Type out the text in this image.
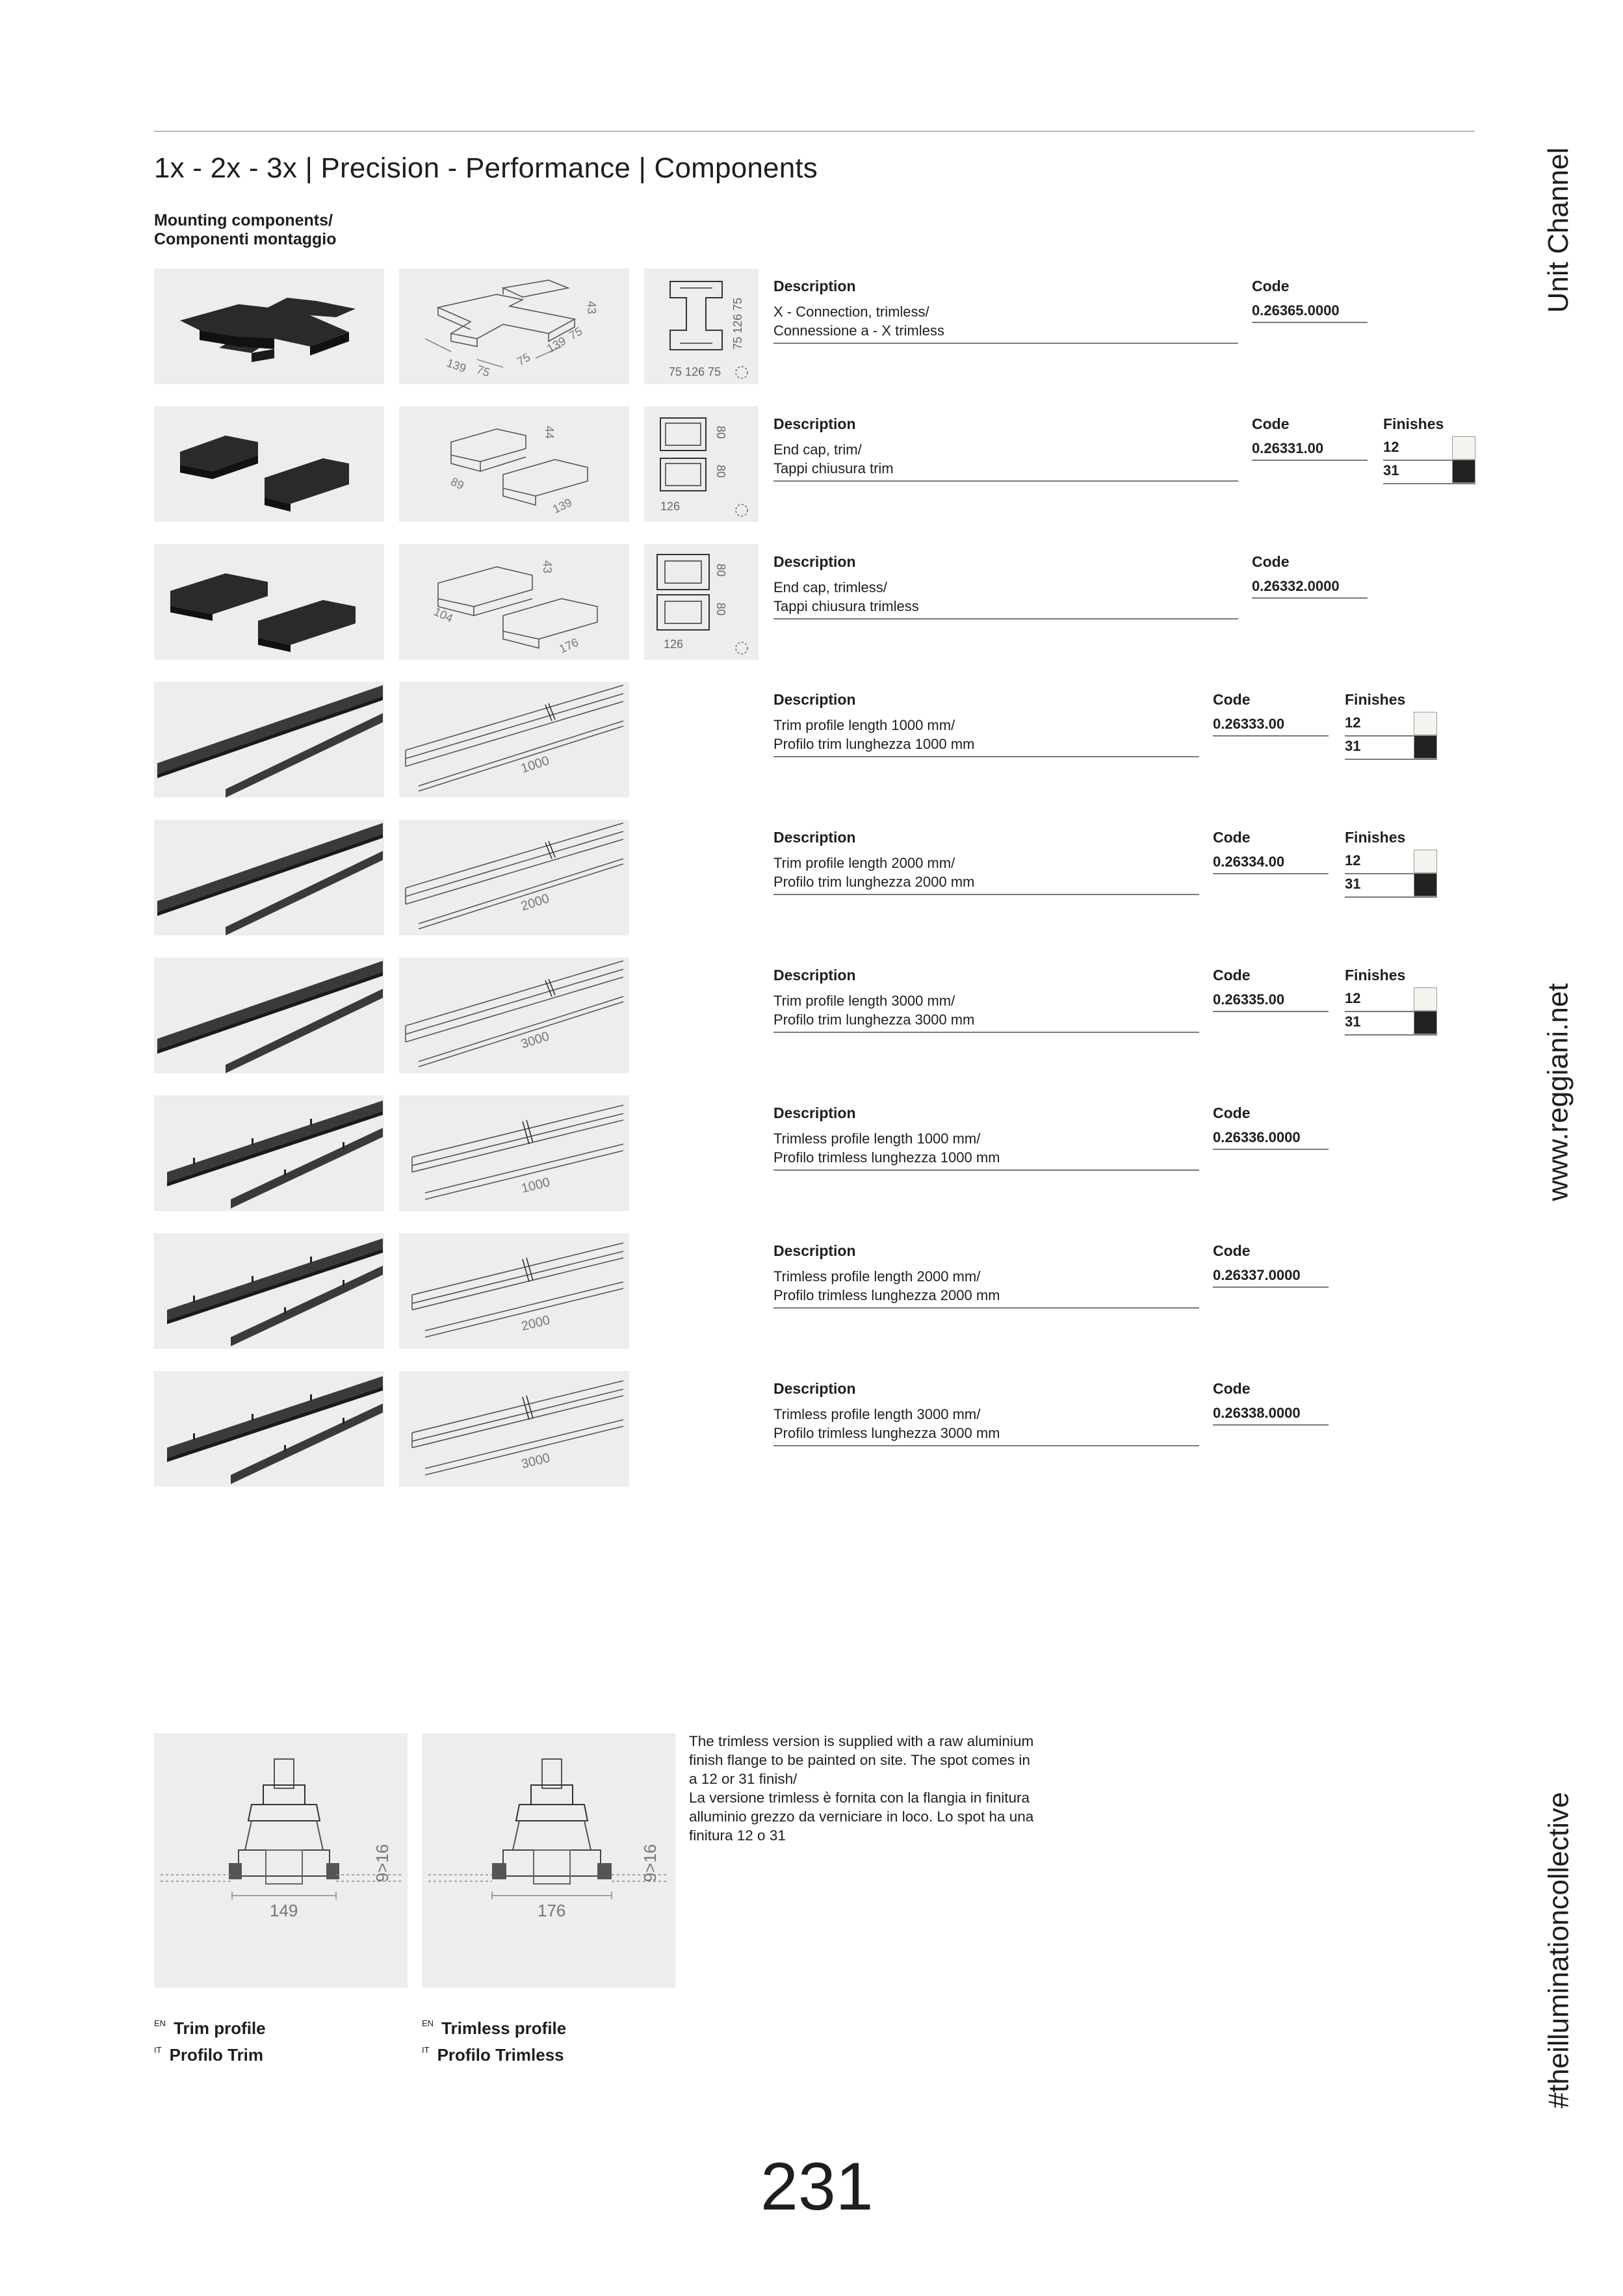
1x - 2x - 3x | Precision - Performance | Components
Mounting components/
Componenti montaggio	Unit Channel
www.reggiani.net
#theilluminationcollective
139 75
75
139
75
43
75 126 75
75 126 75
Description
X - Connection, trimless/
Connessione a - X trimless
Code
0.26365.0000
89
139
44
126
80
80
Description
End cap, trim/
Tappi chiusura trim
Code
0.26331.00
Finishes
12
31
104
176
43
126
80
80
Description
End cap, trimless/
Tappi chiusura trimless
Code
0.26332.0000
1000
Description
Trim profile length 1000 mm/
Profilo trim lunghezza 1000 mm
Code
0.26333.00
Finishes
12
31
2000
Description
Trim profile length 2000 mm/
Profilo trim lunghezza 2000 mm
Code
0.26334.00
Finishes
12
31
3000
Description
Trim profile length 3000 mm/
Profilo trim lunghezza 3000 mm
Code
0.26335.00
Finishes
12
31
1000
Description
Trimless profile length 1000 mm/
Profilo trimless lunghezza 1000 mm
Code
0.26336.0000
2000
Description
Trimless profile length 2000 mm/
Profilo trimless lunghezza 2000 mm
Code
0.26337.0000
3000
Description
Trimless profile length 3000 mm/
Profilo trimless lunghezza 3000 mm
Code
0.26338.0000
149
9>16
176
9>16
The trimless version is supplied with a raw aluminium
finish flange to be painted on site. The spot comes in
a 12 or 31 finish/
La versione trimless è fornita con la flangia in finitura
alluminio grezzo da verniciare in loco. Lo spot ha una
finitura 12 o 31
$^{EN}$ Trim profile
$^{IT}$ Profilo Trim
$^{EN}$ Trimless profile
$^{IT}$ Profilo Trimless
231
